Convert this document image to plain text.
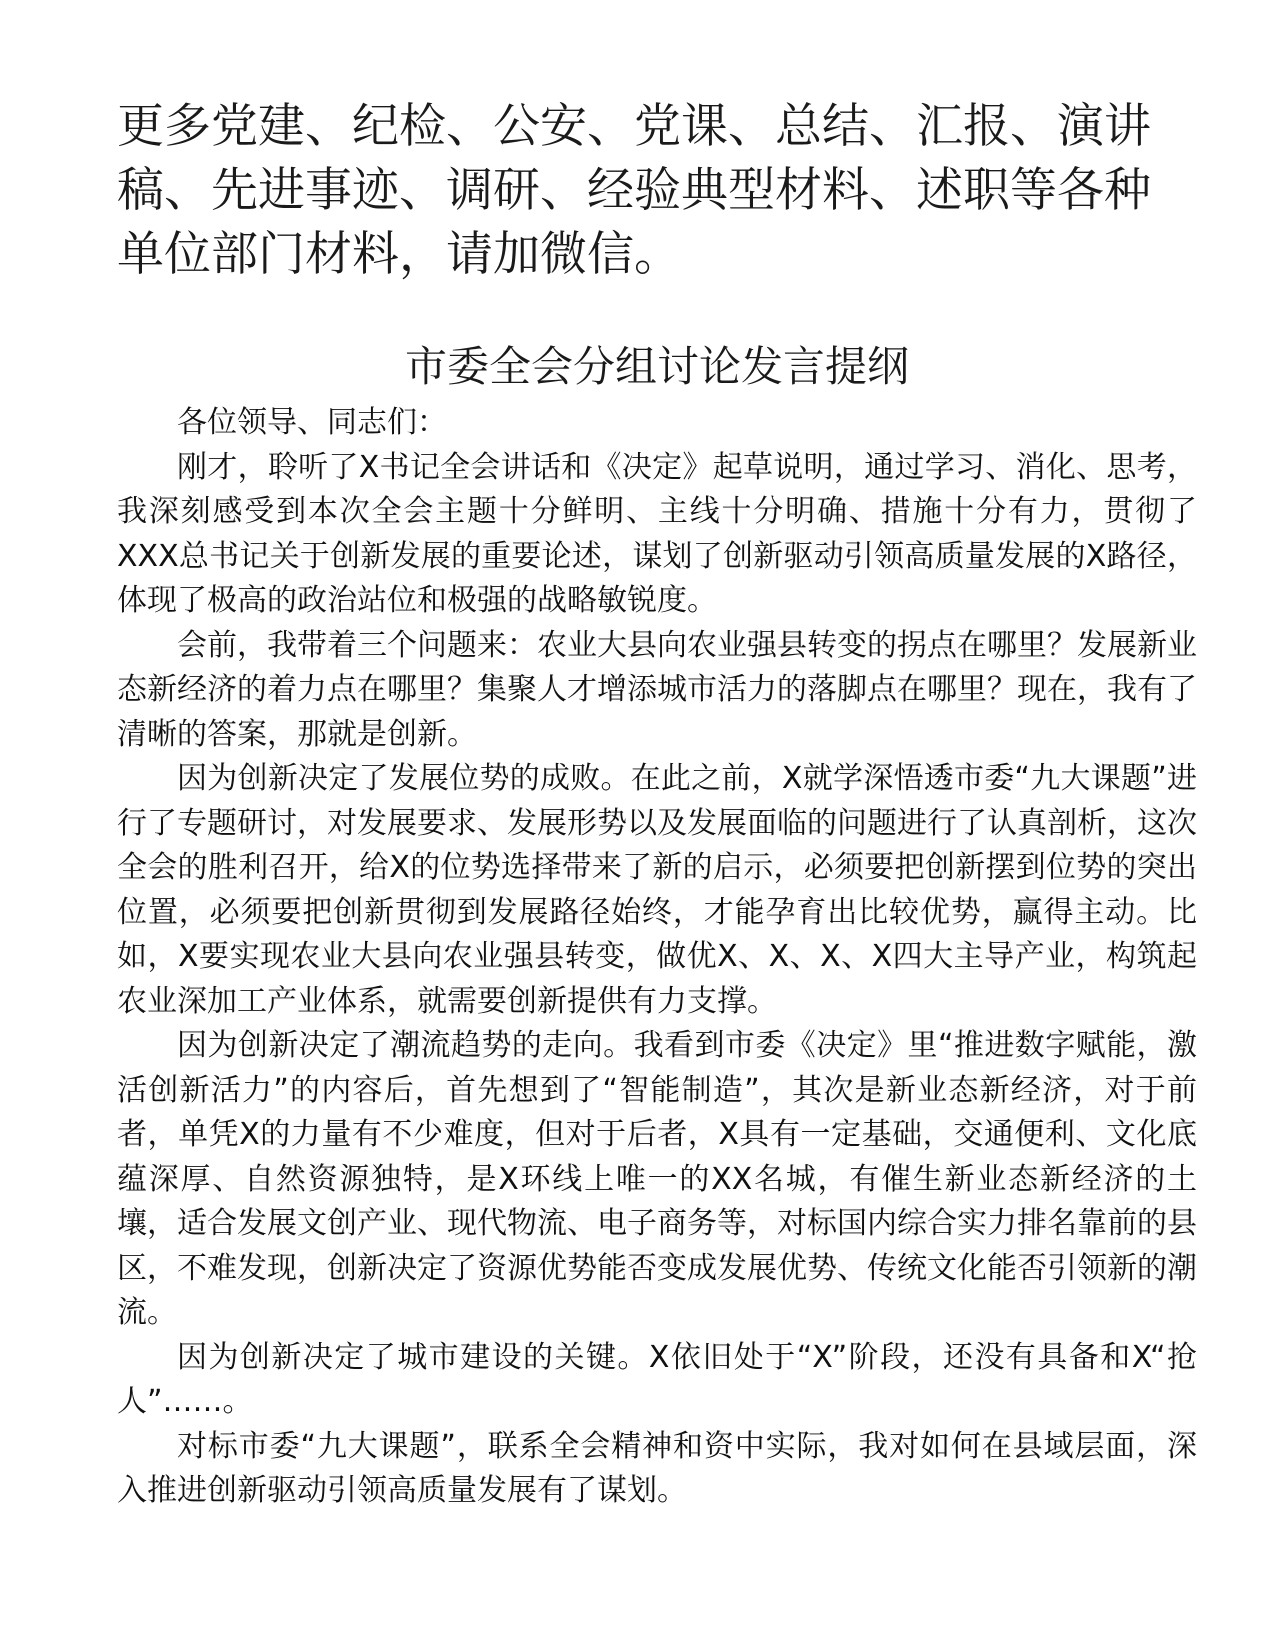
更多党建、纪检、公安、党课、总结、汇报、演讲稿、先进事迹、调研、经验典型材料、述职等各种单位部门材料，请加微信。

市委全会分组讨论发言提纲

各位领导、同志们：

刚才，聆听了X书记全会讲话和《决定》起草说明，通过学习、消化、思考，我深刻感受到本次全会主题十分鲜明、主线十分明确、措施十分有力，贯彻了XXX总书记关于创新发展的重要论述，谋划了创新驱动引领高质量发展的X路径，体现了极高的政治站位和极强的战略敏锐度。

会前，我带着三个问题来：农业大县向农业强县转变的拐点在哪里？发展新业态新经济的着力点在哪里？集聚人才增添城市活力的落脚点在哪里？现在，我有了清晰的答案，那就是创新。

因为创新决定了发展位势的成败。在此之前，X就学深悟透市委“九大课题”进行了专题研讨，对发展要求、发展形势以及发展面临的问题进行了认真剖析，这次全会的胜利召开，给X的位势选择带来了新的启示，必须要把创新摆到位势的突出位置，必须要把创新贯彻到发展路径始终，才能孕育出比较优势，赢得主动。比如，X要实现农业大县向农业强县转变，做优X、X、X、X四大主导产业，构筑起农业深加工产业体系，就需要创新提供有力支撑。

因为创新决定了潮流趋势的走向。我看到市委《决定》里“推进数字赋能，激活创新活力”的内容后，首先想到了“智能制造”，其次是新业态新经济，对于前者，单凭X的力量有不少难度，但对于后者，X具有一定基础，交通便利、文化底蕴深厚、自然资源独特，是X环线上唯一的XX名城，有催生新业态新经济的土壤，适合发展文创产业、现代物流、电子商务等，对标国内综合实力排名靠前的县区，不难发现，创新决定了资源优势能否变成发展优势、传统文化能否引领新的潮流。

因为创新决定了城市建设的关键。X依旧处于“X”阶段，还没有具备和X“抢人”……。

对标市委“九大课题”，联系全会精神和资中实际，我对如何在县域层面，深入推进创新驱动引领高质量发展有了谋划。
